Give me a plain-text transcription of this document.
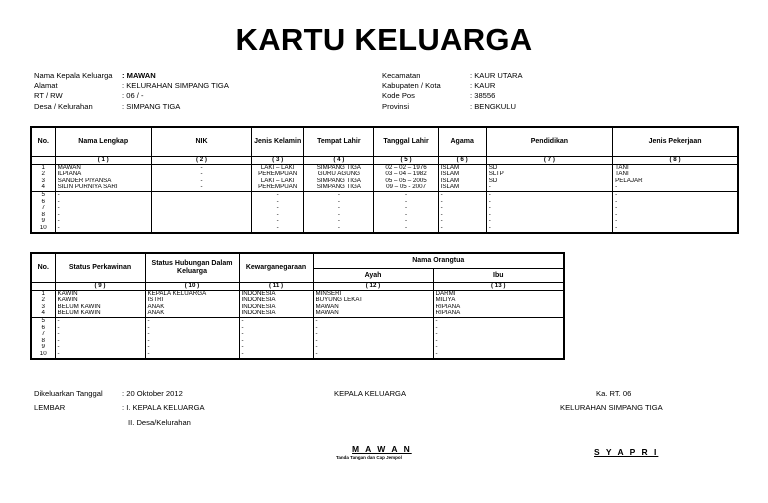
KARTU KELUARGA
Nama Kepala Keluarga	: MAWAN
Alamat	: KELURAHAN SIMPANG TIGA
RT / RW	: 06 / -
Desa / Kelurahan	: SIMPANG TIGA
Kecamatan	: KAUR UTARA
Kabupaten / Kota	: KAUR
Kode Pos	: 38556
Provinsi	: BENGKULU
No.	Nama Lengkap	NIK	Jenis Kelamin	Tempat Lahir	Tanggal Lahir	Agama	Pendidikan	Jenis Pekerjaan
	( 1 )	( 2 )	( 3 )	( 4 )	( 5 )	( 6 )	( 7 )	( 8 )
1	MAWAN	-	LAKI – LAKI	SIMPANG TIGA	02 – 02 – 1976	ISLAM	SD	TANI
2	ILPIANA	-	PEREMPUAN	GURU AGUNG	03 – 04 – 1982	ISLAM	SLTP	TANI
3	SANDER PIYANSA	-	LAKI – LAKI	SIMPANG TIGA	05 – 05 – 2005	ISLAM	SD	PELAJAR
4	SILIN PURNIYA SARI	-	PEREMPUAN	SIMPANG TIGA	09 – 05 - 2007	ISLAM	-	-
5	-		-	-	-	-	-	-
6	-		-	-	-	-	-	-
7	-		-	-	-	-	-	-
8	-		-	-	-	-	-	-
9	-		-	-	-	-	-	-
10	-		-	-	-	-	-	-
No.	Status Perkawinan	Status Hubungan Dalam Keluarga	Kewarganegaraan	Nama Orangtua	
				Ayah	Ibu
	( 9 )	( 10 )	( 11 )	( 12 )	( 13 )
1	KAWIN	KEPALA KELUARGA	INDONESIA	MINSERI	DARMI
2	KAWIN	ISTRI	INDONESIA	BUYUNG LEKAT	MILIYA
3	BELUM KAWIN	ANAK	INDONESIA	MAWAN	RIPIANA
4	BELUM KAWIN	ANAK	INDONESIA	MAWAN	RIPIANA
5	-	-	-	-	-
6	-	-	-	-	-
7	-	-	-	-	-
8	-	-	-	-	-
9	-	-	-	-	-
10	-	-	-	-	-
Dikeluarkan Tanggal	: 20 Oktober 2012
LEMBAR	: I. KEPALA KELUARGA
II. Desa/Kelurahan
KEPALA KELUARGA
M A W A N
Tanda Tangan dan Cap Jempol
Ka. RT. 06
KELURAHAN SIMPANG TIGA
S Y A P R I
